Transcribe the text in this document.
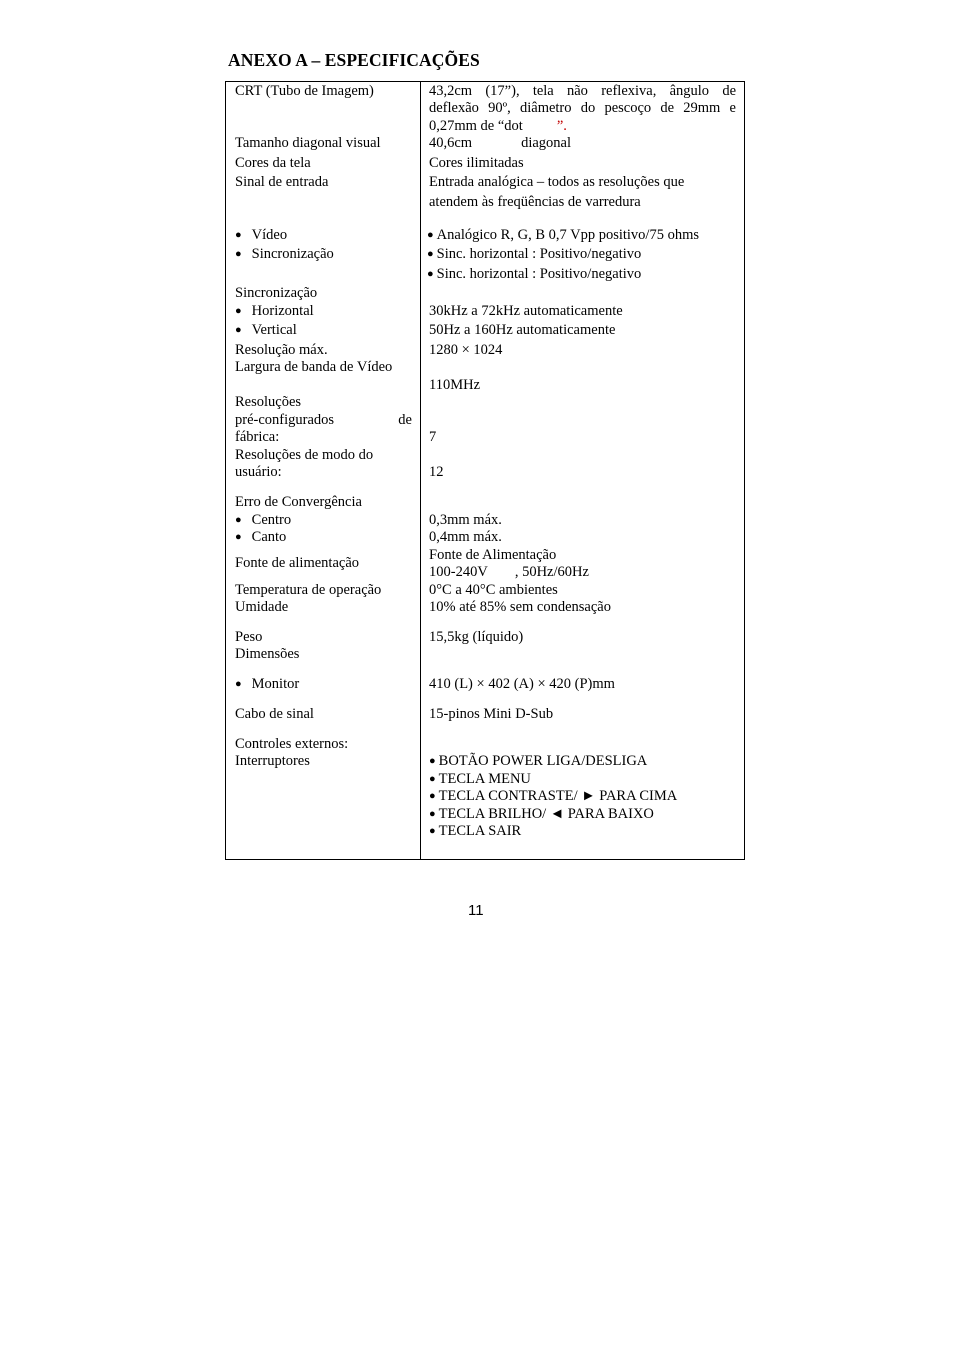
ANEXO A – ESPECIFICAÇÕES
CRT (Tubo de Imagem)
Tamanho diagonal visual
Cores da tela
Sinal de entrada
● Vídeo
● Sincronização
Sincronização
● Horizontal
● Vertical
Resolução máx.
Largura de banda de Vídeo
Resoluções
pré-configurados de
fábrica:
Resoluções de modo do
usuário:
Erro de Convergência
● Centro
● Canto
Fonte de alimentação
Temperatura de operação
Umidade
Peso
Dimensões
● Monitor
Cabo de sinal
Controles externos:
Interruptores
43,2cm (17”), tela não reflexiva, ângulo de
deflexão 90º, diâmetro do pescoço de 29mm e
0,27mm de “dot ”.
40,6cm	diagonal
Cores ilimitadas
Entrada analógica – todos as resoluções que
atendem às freqüências de varredura
● Analógico R, G, B 0,7 Vpp positivo/75 ohms
● Sinc. horizontal : Positivo/negativo
● Sinc. horizontal : Positivo/negativo
30kHz a 72kHz automaticamente
50Hz a 160Hz automaticamente
1280 × 1024
110MHz
7
12
0,3mm máx.
0,4mm máx.
Fonte de Alimentação
100-240V , 50Hz/60Hz
0°C a 40°C ambientes
10% até 85% sem condensação
15,5kg (líquido)
410 (L) × 402 (A) × 420 (P)mm
15-pinos Mini D-Sub
● BOTÃO POWER LIGA/DESLIGA
● TECLA MENU
● TECLA CONTRASTE/ ► PARA CIMA
● TECLA BRILHO/ ◄ PARA BAIXO
● TECLA SAIR
11
